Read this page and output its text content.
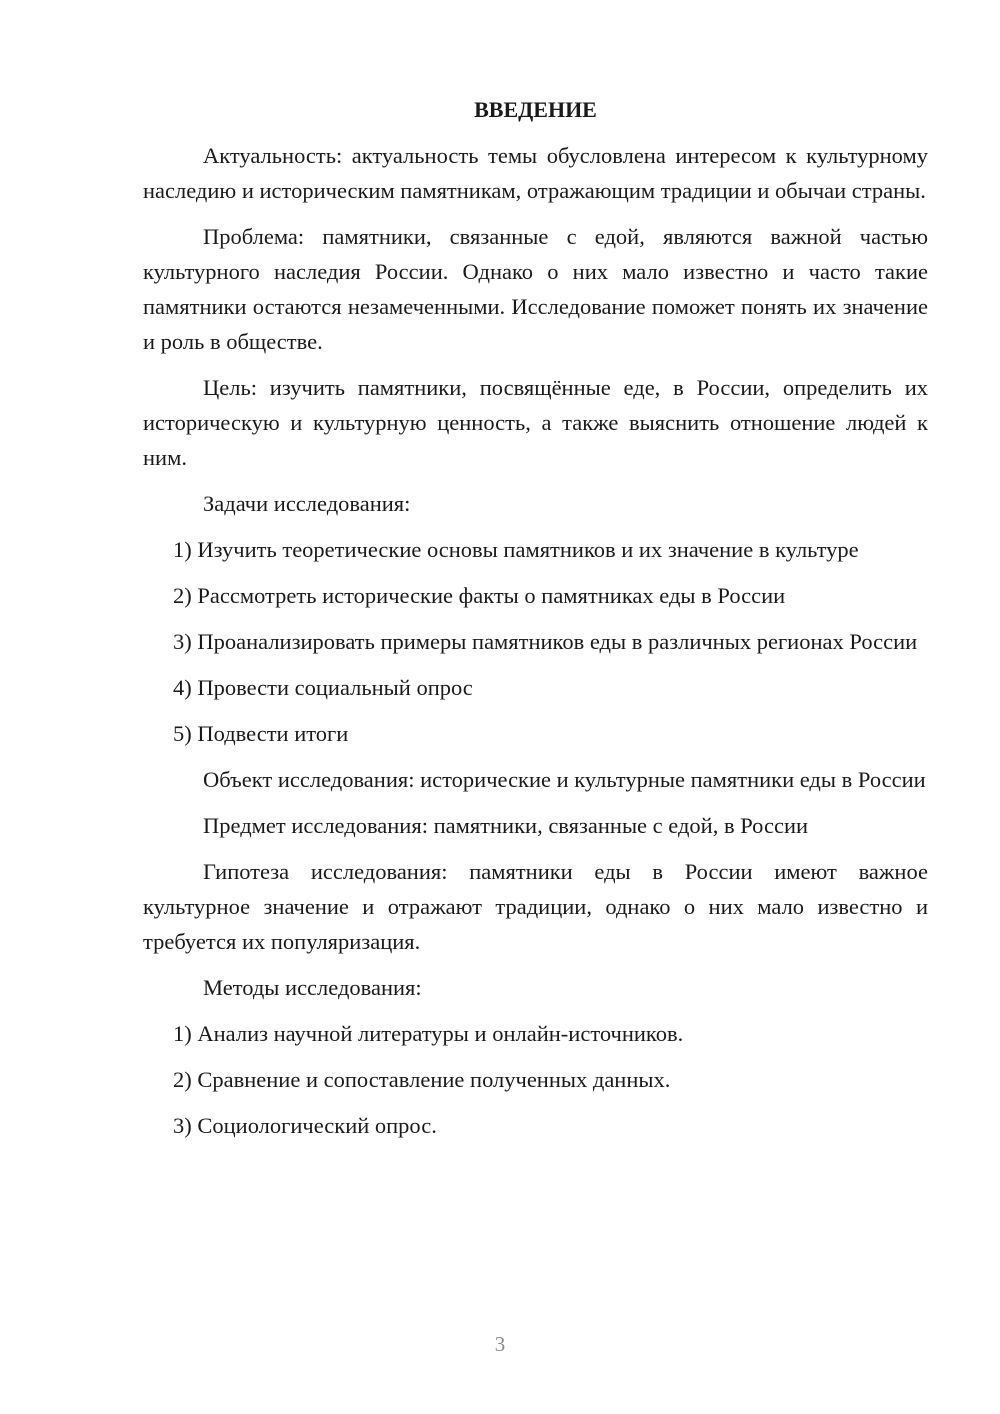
ВВЕДЕНИЕ

Актуальность: актуальность темы обусловлена интересом к культурному наследию и историческим памятникам, отражающим традиции и обычаи страны.

Проблема: памятники, связанные с едой, являются важной частью культурного наследия России. Однако о них мало известно и часто такие памятники остаются незамеченными. Исследование поможет понять их значение и роль в обществе.

Цель: изучить памятники, посвящённые еде, в России, определить их историческую и культурную ценность, а также выяснить отношение людей к ним.

Задачи исследования:

1) Изучить теоретические основы памятников и их значение в культуре

2) Рассмотреть исторические факты о памятниках еды в России

3) Проанализировать примеры памятников еды в различных регионах России

4) Провести социальный опрос

5) Подвести итоги

Объект исследования: исторические и культурные памятники еды в России

Предмет исследования: памятники, связанные с едой, в России

Гипотеза исследования: памятники еды в России имеют важное культурное значение и отражают традиции, однако о них мало известно и требуется их популяризация.

Методы исследования:

1) Анализ научной литературы и онлайн-источников.

2) Сравнение и сопоставление полученных данных.

3) Социологический опрос.

3
